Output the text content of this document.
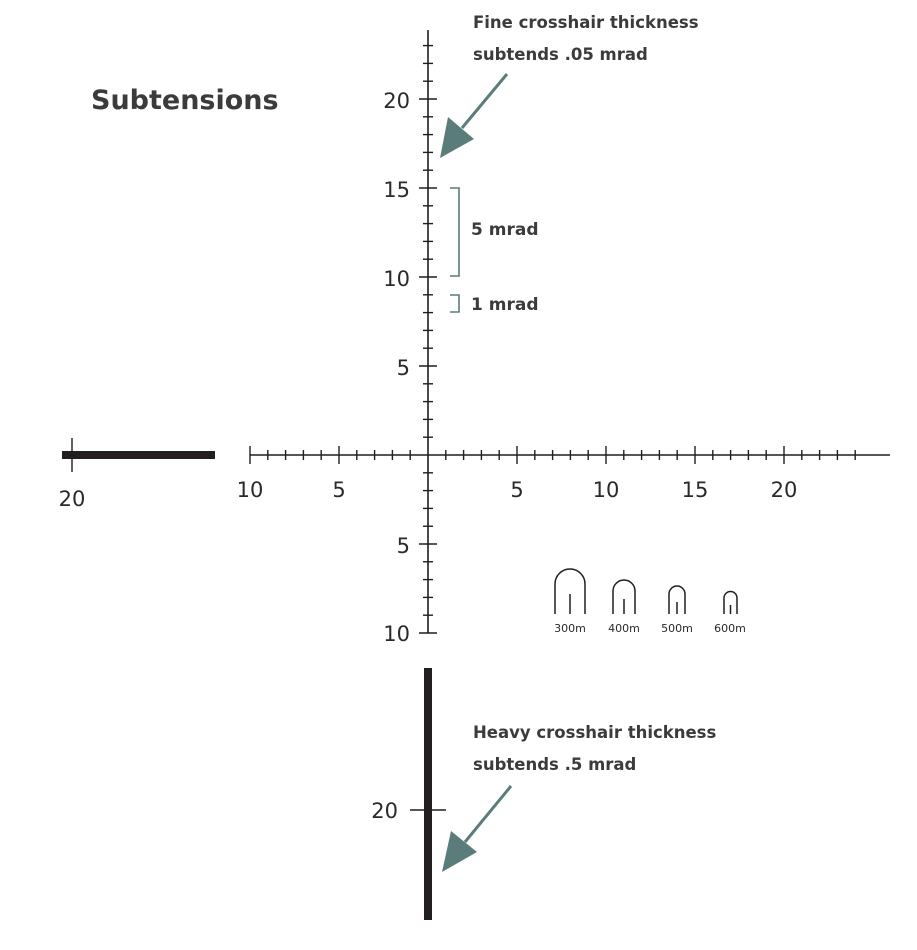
Subtensions	20
15
10
5
5
10
10	5	5	10	15	20
20
20
5 mrad
1 mrad
Fine crosshair thickness
subtends .05 mrad
Heavy crosshair thickness
subtends .5 mrad
300m 400m 500m 600m
